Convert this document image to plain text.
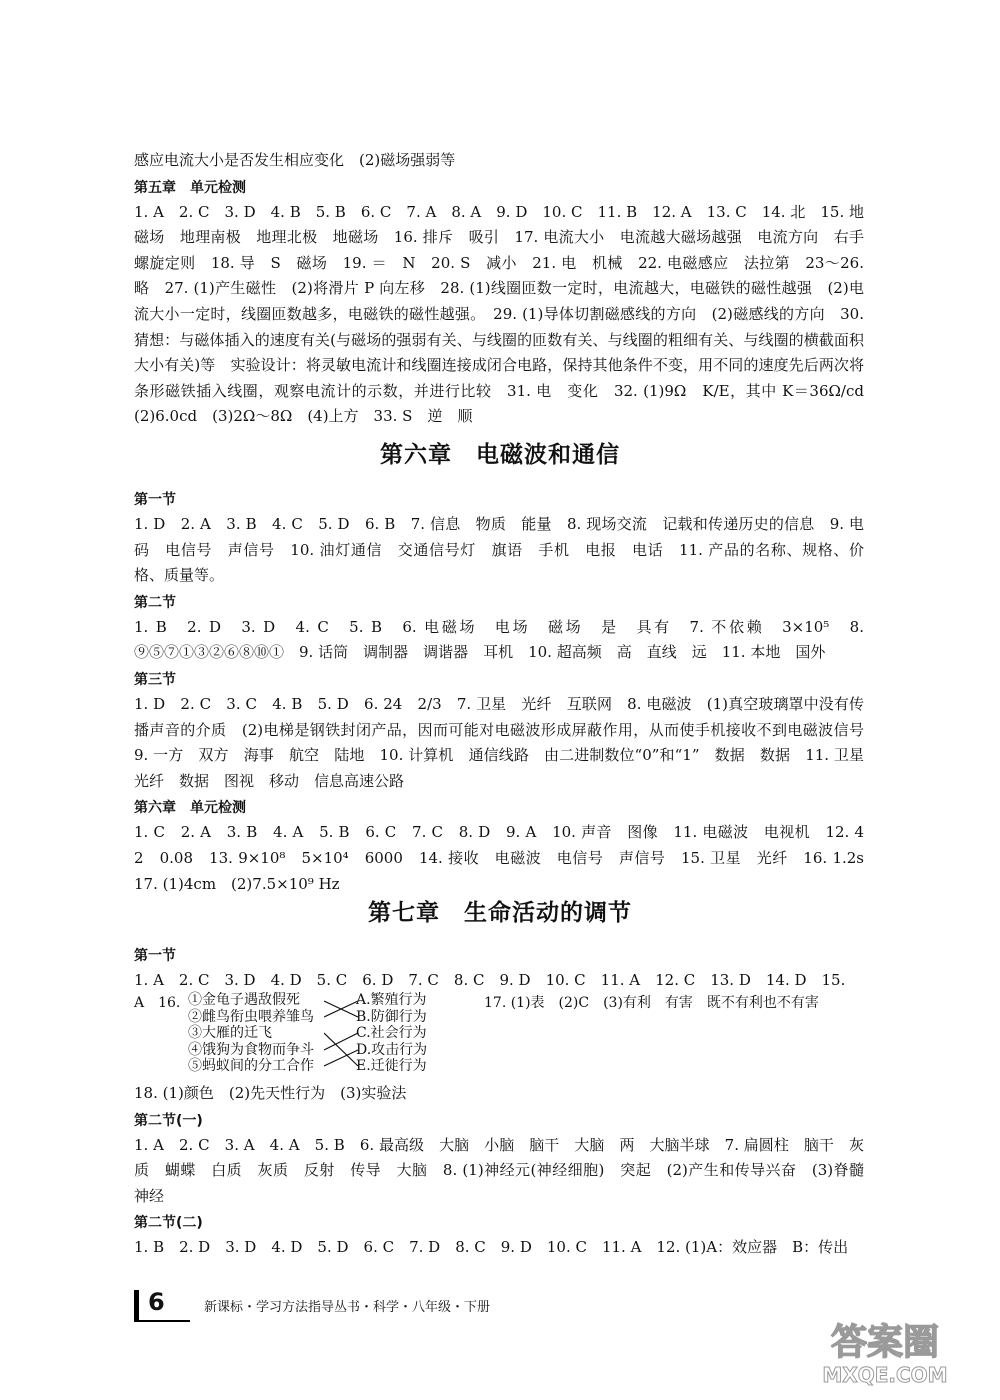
感应电流大小是否发生相应变化　(2)磁场强弱等

第五章　单元检测

1. A　2. C　3. D　4. B　5. B　6. C　7. A　8. A　9. D　10. C　11. B　12. A　13. C　14. 北　15. 地磁场　地理南极　地理北极　地磁场　16. 排斥　吸引　17. 电流大小　电流越大磁场越强　电流方向　右手螺旋定则　18. 导　S　磁场　19. ＝　N　20. S　减小　21. 电　机械　22. 电磁感应　法拉第　23～26. 略　27. (1)产生磁性　(2)将滑片 P 向左移　28. (1)线圈匝数一定时，电流越大，电磁铁的磁性越强　(2)电流大小一定时，线圈匝数越多，电磁铁的磁性越强。　29. (1)导体切割磁感线的方向　(2)磁感线的方向　30. 猜想：与磁体插入的速度有关(与磁场的强弱有关、与线圈的匝数有关、与线圈的粗细有关、与线圈的横截面积大小有关)等　实验设计：将灵敏电流计和线圈连接成闭合电路，保持其他条件不变，用不同的速度先后两次将条形磁铁插入线圈，观察电流计的示数，并进行比较　31. 电　变化　32. (1)9Ω　K/E，其中 K＝36Ω/cd　(2)6.0cd　(3)2Ω～8Ω　(4)上方　33. S　逆　顺

第六章　电磁波和通信

第一节

1. D　2. A　3. B　4. C　5. D　6. B　7. 信息　物质　能量　8. 现场交流　记载和传递历史的信息　9. 电码　电信号　声信号　10. 油灯通信　交通信号灯　旗语　手机　电报　电话　11. 产品的名称、规格、价格、质量等。

第二节

1. B　2. D　3. D　4. C　5. B　6. 电磁场　电场　磁场　是　具有　7. 不依赖　3×10⁵　8. ⑨⑤⑦①③②⑥⑧⑩①　9. 话筒　调制器　调谐器　耳机　10. 超高频　高　直线　远　11. 本地　国外

第三节

1. D　2. C　3. C　4. B　5. D　6. 24　2/3　7. 卫星　光纤　互联网　8. 电磁波　(1)真空玻璃罩中没有传播声音的介质　(2)电梯是钢铁封闭产品，因而可能对电磁波形成屏蔽作用，从而使手机接收不到电磁波信号　9. 一方　双方　海事　航空　陆地　10. 计算机　通信线路　由二进制数位“0”和“1”　数据　数据　11. 卫星　光纤　数据　图视　移动　信息高速公路

第六章　单元检测

1. C　2. A　3. B　4. A　5. B　6. C　7. C　8. D　9. A　10. 声音　图像　11. 电磁波　电视机　12. 4　2　0.08　13. 9×10⁸　5×10⁴　6000　14. 接收　电磁波　电信号　声信号　15. 卫星　光纤　16. 1.2s　17. (1)4cm　(2)7.5×10⁹ Hz

第七章　生命活动的调节

第一节

1. A　2. C　3. D　4. D　5. C　6. D　7. C　8. C　9. D　10. C　11. A　12. C　13. D　14. D　15.

A　16. ①金龟子遇敌假死
②雌鸟衔虫喂养雏鸟
③大雁的迁飞
④饿狗为食物而争斗
⑤蚂蚁间的分工合作
A.繁殖行为
B.防御行为
C.社会行为
D.攻击行为
E.迁徙行为
17. (1)表　(2)C　(3)有利　有害　既不有利也不有害

18. (1)颜色　(2)先天性行为　(3)实验法

第二节(一)

1. A　2. C　3. A　4. A　5. B　6. 最高级　大脑　小脑　脑干　大脑　两　大脑半球　7. 扁圆柱　脑干　灰质　蝴蝶　白质　灰质　反射　传导　大脑　8. (1)神经元(神经细胞)　突起　(2)产生和传导兴奋　(3)脊髓　神经

第二节(二)

1. B　2. D　3. D　4. D　5. D　6. C　7. D　8. C　9. D　10. C　11. A　12. (1)A：效应器　B：传出

6	新课标・学习方法指导丛书・科学・八年级・下册
答案圈
MXQE.COM
